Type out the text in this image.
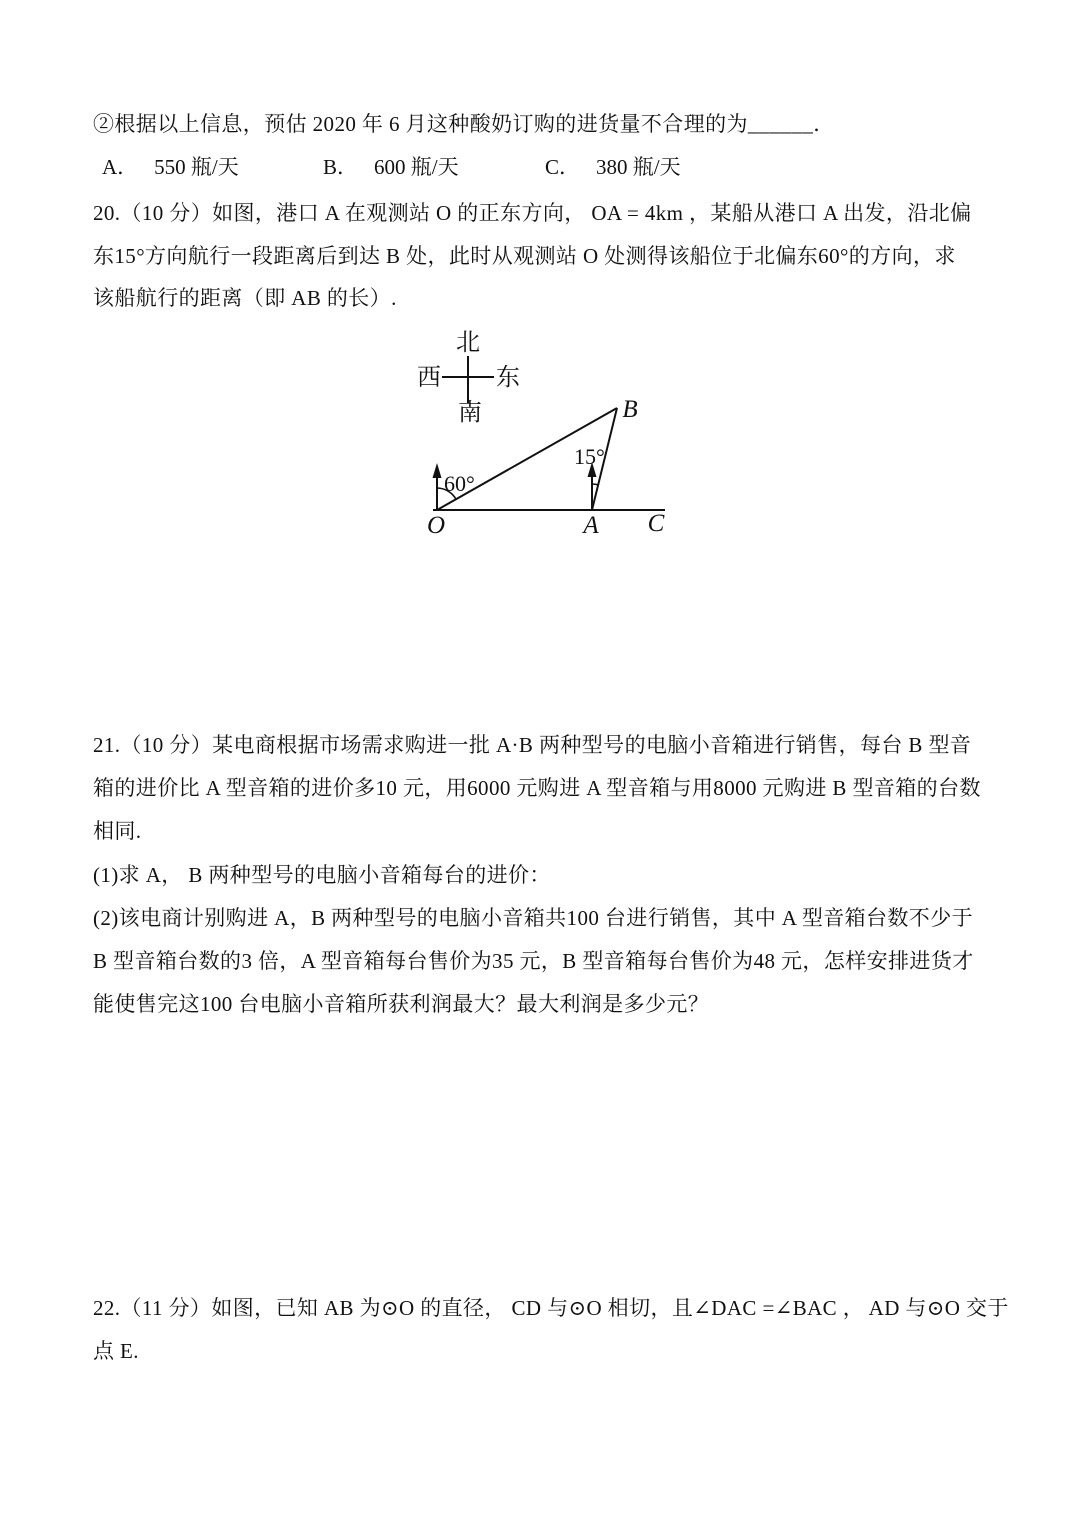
②根据以上信息，预估 2020 年 6 月这种酸奶订购的进货量不合理的为______．
A． 550 瓶/天	B． 600 瓶/天	C． 380 瓶/天
20.（10 分）如图，港口 A 在观测站 O 的正东方向， OA = 4km ，某船从港口 A 出发，沿北偏
东15°方向航行一段距离后到达 B 处，此时从观测站 O 处测得该船位于北偏东60°的方向，求
该船航行的距离（即 AB 的长）.
北
南
西 东
O	A
B
C
60°
15°
21.（10 分）某电商根据市场需求购进一批 A·B 两种型号的电脑小音箱进行销售，每台 B 型音
箱的进价比 A 型音箱的进价多10 元，用6000 元购进 A 型音箱与用8000 元购进 B 型音箱的台数
相同.
(1)求 A， B 两种型号的电脑小音箱每台的进价：
(2)该电商计别购进 A，B 两种型号的电脑小音箱共100 台进行销售，其中 A 型音箱台数不少于
B 型音箱台数的3 倍，A 型音箱每台售价为35 元，B 型音箱每台售价为48 元，怎样安排进货才
能使售完这100 台电脑小音箱所获利润最大？最大利润是多少元？
22.（11 分）如图，已知 AB 为⊙O 的直径， CD 与⊙O 相切，且∠DAC =∠BAC ， AD 与⊙O 交于
点 E.
